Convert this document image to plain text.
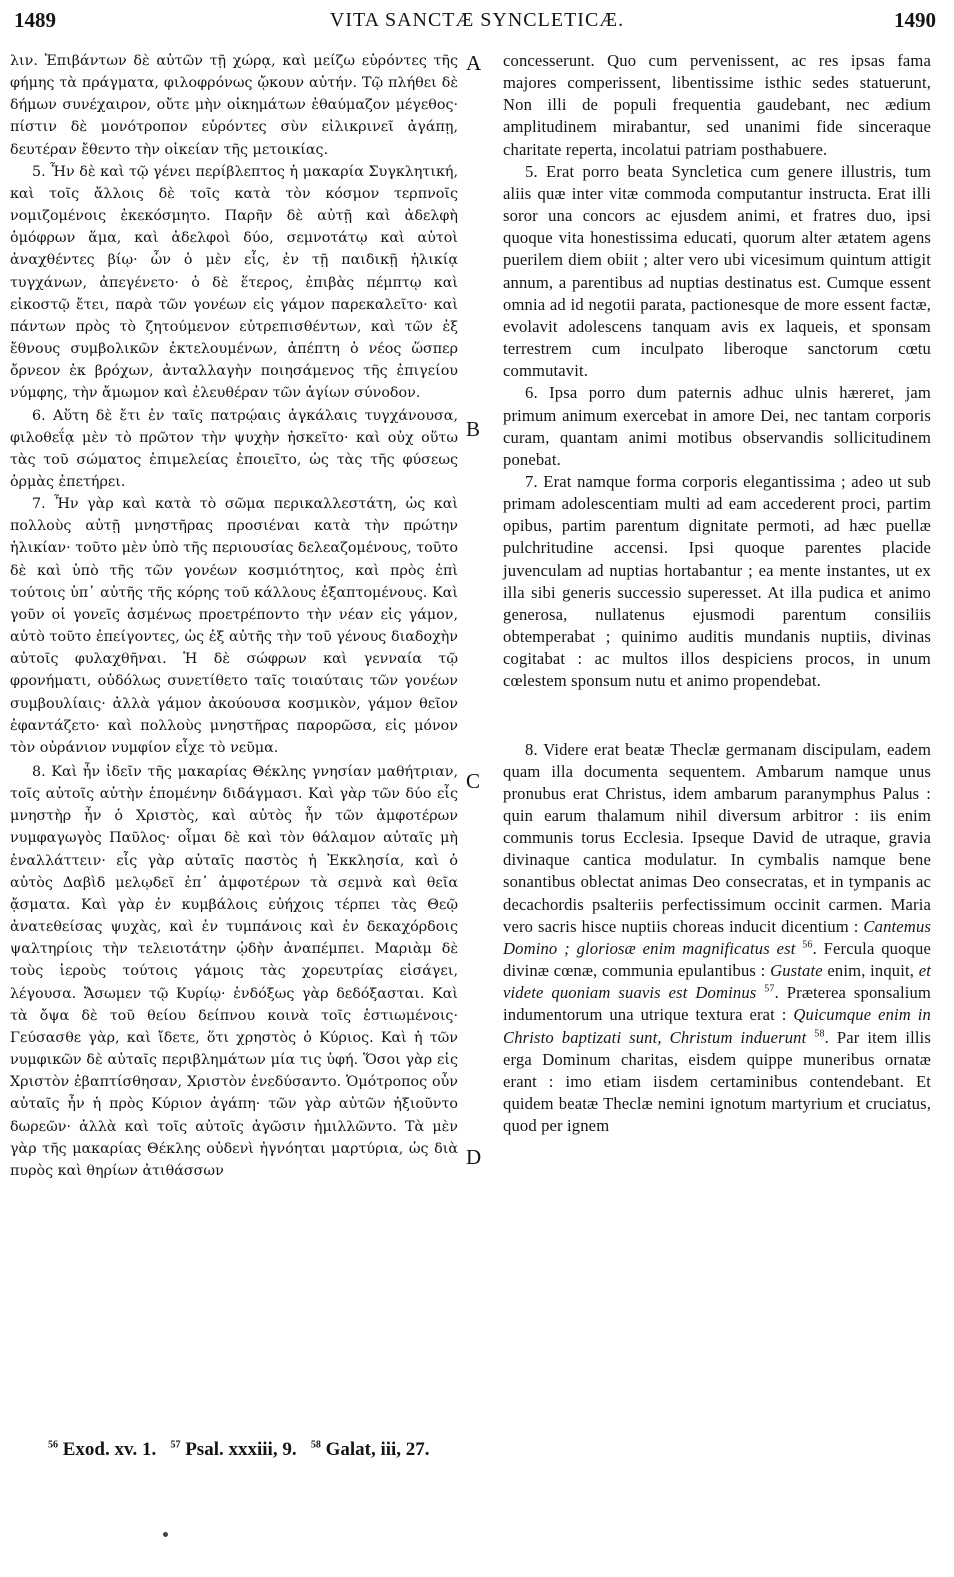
1489	VITA SANCTÆ SYNCLETICÆ.	1490

λιν. Ἐπιβάντων δὲ αὐτῶν τῇ χώρᾳ, καὶ μείζω εὑρόντες τῆς φήμης τὰ πράγματα, φιλοφρόνως ᾤκουν αὐτήν. Τῷ πλήθει δὲ δήμων συνέχαιρον, οὔτε μὴν οἰκημάτων ἐθαύμαζον μέγεθος· πίστιν δὲ μονότροπον εὑρόντες σὺν εἰλικρινεῖ ἀγάπῃ, δευτέραν ἔθεντο τὴν οἰκείαν τῆς μετοικίας.

5. Ἦν δὲ καὶ τῷ γένει περίβλεπτος ἡ μακαρία Συγκλητική, καὶ τοῖς ἄλλοις δὲ τοῖς κατὰ τὸν κόσμον τερπνοῖς νομιζομένοις ἐκεκόσμητο. Παρῆν δὲ αὐτῇ καὶ ἀδελφὴ ὁμόφρων ἅμα, καὶ ἀδελφοὶ δύο, σεμνοτάτῳ καὶ αὐτοὶ ἀναχθέντες βίῳ· ὧν ὁ μὲν εἷς, ἐν τῇ παιδικῇ ἡλικίᾳ τυγχάνων, ἀπεγένετο· ὁ δὲ ἕτερος, ἐπιβὰς πέμπτῳ καὶ εἰκοστῷ ἔτει, παρὰ τῶν γονέων εἰς γάμον παρεκαλεῖτο· καὶ πάντων πρὸς τὸ ζητούμενον εὐτρεπισθέντων, καὶ τῶν ἐξ ἔθνους συμβολικῶν ἐκτελουμένων, ἀπέπτη ὁ νέος ὥσπερ ὄρνεον ἐκ βρόχων, ἀνταλλαγὴν ποιησάμενος τῆς ἐπιγείου νύμφης, τὴν ἄμωμον καὶ ἐλευθέραν τῶν ἁγίων σύνοδον.

6. Αὕτη δὲ ἔτι ἐν ταῖς πατρῴαις ἀγκάλαις τυγχάνουσα, φιλοθεΐᾳ μὲν τὸ πρῶτον τὴν ψυχὴν ἠσκεῖτο· καὶ οὐχ οὕτω τὰς τοῦ σώματος ἐπιμελείας ἐποιεῖτο, ὡς τὰς τῆς φύσεως ὁρμὰς ἐπετήρει.

7. Ἦν γὰρ καὶ κατὰ τὸ σῶμα περικαλλεστάτη, ὡς καὶ πολλοὺς αὐτῇ μνηστῆρας προσιέναι κατὰ τὴν πρώτην ἡλικίαν· τοῦτο μὲν ὑπὸ τῆς περιουσίας δελεαζομένους, τοῦτο δὲ καὶ ὑπὸ τῆς τῶν γονέων κοσμιότητος, καὶ πρὸς ἐπὶ τούτοις ὑπ᾽ αὐτῆς τῆς κόρης τοῦ κάλλους ἐξαπτομένους. Καὶ γοῦν οἱ γονεῖς ἀσμένως προετρέποντο τὴν νέαν εἰς γάμον, αὐτὸ τοῦτο ἐπείγοντες, ὡς ἐξ αὐτῆς τὴν τοῦ γένους διαδοχὴν αὐτοῖς φυλαχθῆναι. Ἡ δὲ σώφρων καὶ γενναία τῷ φρονήματι, οὐδόλως συνετίθετο ταῖς τοιαύταις τῶν γονέων συμβουλίαις· ἀλλὰ γάμον ἀκούουσα κοσμικὸν, γάμον θεῖον ἐφαντάζετο· καὶ πολλοὺς μνηστῆρας παρορῶσα, εἰς μόνον τὸν οὐράνιον νυμφίον εἶχε τὸ νεῦμα.

8. Καὶ ἦν ἰδεῖν τῆς μακαρίας Θέκλης γνησίαν μαθήτριαν, τοῖς αὐτοῖς αὐτὴν ἑπομένην διδάγμασι. Καὶ γὰρ τῶν δύο εἷς μνηστὴρ ἦν ὁ Χριστὸς, καὶ αὐτὸς ἦν τῶν ἀμφοτέρων νυμφαγωγὸς Παῦλος· οἶμαι δὲ καὶ τὸν θάλαμον αὐταῖς μὴ ἐναλλάττειν· εἷς γὰρ αὐταῖς παστὸς ἡ Ἐκκλησία, καὶ ὁ αὐτὸς Δαβὶδ μελῳδεῖ ἐπ᾽ ἀμφοτέρων τὰ σεμνὰ καὶ θεῖα ᾄσματα. Καὶ γὰρ ἐν κυμβάλοις εὐήχοις τέρπει τὰς Θεῷ ἀνατεθείσας ψυχὰς, καὶ ἐν τυμπάνοις καὶ ἐν δεκαχόρδοις ψαλτηρίοις τὴν τελειοτάτην ᾠδὴν ἀναπέμπει. Μαριὰμ δὲ τοὺς ἱεροὺς τούτοις γάμοις τὰς χορευτρίας εἰσάγει, λέγουσα. Ἄσωμεν τῷ Κυρίῳ· ἐνδόξως γὰρ δεδόξασται. Καὶ τὰ ὄψα δὲ τοῦ θείου δείπνου κοινὰ τοῖς ἑστιωμένοις· Γεύσασθε γὰρ, καὶ ἴδετε, ὅτι χρηστὸς ὁ Κύριος. Καὶ ἡ τῶν νυμφικῶν δὲ αὐταῖς περιβλημάτων μία τις ὑφή. Ὅσοι γὰρ εἰς Χριστὸν ἐβαπτίσθησαν, Χριστὸν ἐνεδύσαντο. Ὁμότροπος οὖν αὐταῖς ἦν ἡ πρὸς Κύριον ἀγάπη· τῶν γὰρ αὐτῶν ἠξιοῦντο δωρεῶν· ἀλλὰ καὶ τοῖς αὐτοῖς ἀγῶσιν ἡμιλλῶντο. Τὰ μὲν γὰρ τῆς μακαρίας Θέκλης οὐδενὶ ἠγνόηται μαρτύρια, ὡς διὰ πυρὸς καὶ θηρίων ἀτιθάσσων

A

B

C

D

concesserunt. Quo cum pervenissent, ac res ipsas fama majores comperissent, libentissime isthic sedes statuerunt, Non illi de populi frequentia gaudebant, nec ædium amplitudinem mirabantur, sed unanimi fide sinceraque charitate reperta, incolatui patriam posthabuere.

5. Erat porro beata Syncletica cum genere illustris, tum aliis quæ inter vitæ commoda computantur instructa. Erat illi soror una concors ac ejusdem animi, et fratres duo, ipsi quoque vita honestissima educati, quorum alter ætatem agens puerilem diem obiit ; alter vero ubi vicesimum quintum attigit annum, a parentibus ad nuptias destinatus est. Cumque essent omnia ad id negotii parata, pactionesque de more essent factæ, evolavit adolescens tanquam avis ex laqueis, et sponsam terrestrem cum inculpato liberoque sanctorum cœtu commutavit.

6. Ipsa porro dum paternis adhuc ulnis hæreret, jam primum animum exercebat in amore Dei, nec tantam corporis curam, quantam animi motibus observandis sollicitudinem ponebat.

7. Erat namque forma corporis elegantissima ; adeo ut sub primam adolescentiam multi ad eam accederent proci, partim opibus, partim parentum dignitate permoti, ad hæc puellæ pulchritudine accensi. Ipsi quoque parentes placide juvenculam ad nuptias hortabantur ; ea mente instantes, ut ex illa sibi generis successio superesset. At illa pudica et animo generosa, nullatenus ejusmodi parentum consiliis obtemperabat ; quinimo auditis mundanis nuptiis, divinas cogitabat : ac multos illos despiciens procos, in unum cœlestem sponsum nutu et animo propendebat.

8. Videre erat beatæ Theclæ germanam discipulam, eadem quam illa documenta sequentem. Ambarum namque unus pronubus erat Christus, idem ambarum paranymphus Palus : quin earum thalamum nihil diversum arbitror : iis enim communis torus Ecclesia. Ipseque David de utraque, gravia divinaque cantica modulatur. In cymbalis namque bene sonantibus oblectat animas Deo consecratas, et in tympanis ac decachordis psalteriis perfectissimum occinit carmen. Maria vero sacris hisce nuptiis choreas inducit dicentium : Cantemus Domino ; gloriosæ enim magnificatus est $^{56}$. Fercula quoque divinæ cœnæ, communia epulantibus : Gustate enim, inquit, et videte quoniam suavis est Dominus $^{57}$. Præterea sponsalium indumentorum una utrique textura erat : Quicumque enim in Christo baptizati sunt, Christum induerunt $^{58}$. Par item illis erga Dominum charitas, eisdem quippe muneribus ornatæ erant : imo etiam iisdem certaminibus contendebant. Et quidem beatæ Theclæ nemini ignotum martyrium et cruciatus, quod per ignem

$^{56}$ Exod. xv. 1. $^{57}$ Psal. xxxiii, 9. $^{58}$ Galat, iii, 27.
